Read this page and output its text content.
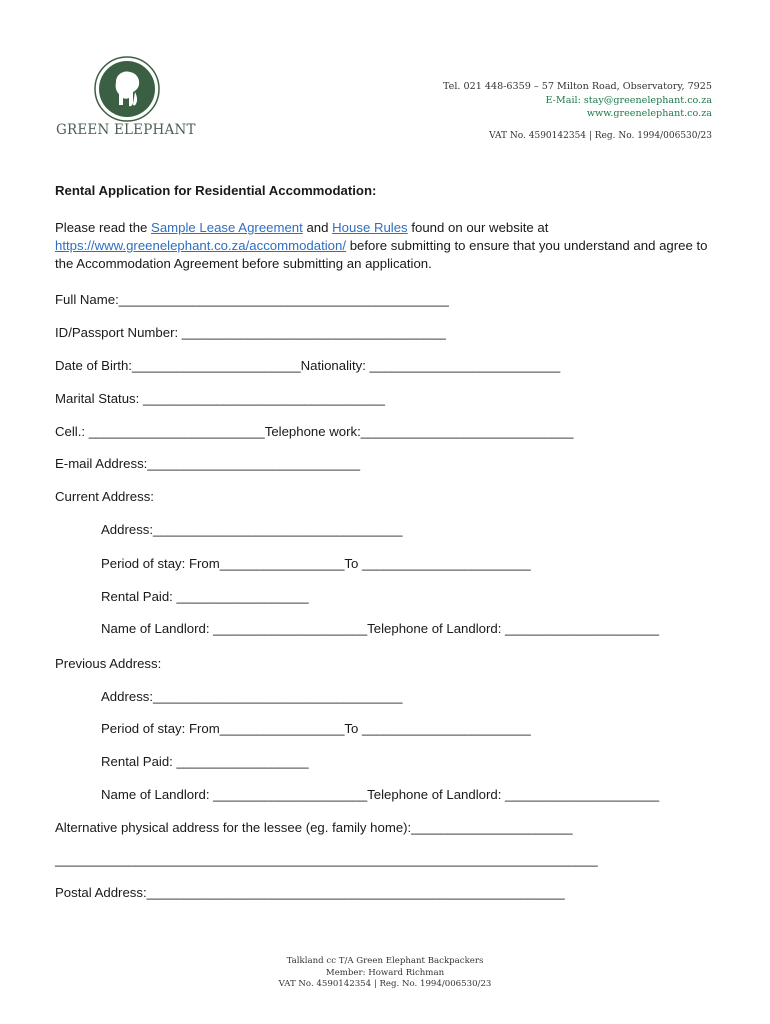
GREEN ELEPHANT
Tel. 021 448-6359 – 57 Milton Road, Observatory, 7925
E-Mail: stay@greenelephant.co.za
www.greenelephant.co.za
VAT No. 4590142354 | Reg. No. 1994/006530/23
Rental Application for Residential Accommodation:
Please read the Sample Lease Agreement and House Rules found on our website at https://www.greenelephant.co.za/accommodation/ before submitting to ensure that you understand and agree to the Accommodation Agreement before submitting an application.
Full Name:_____________________________________________
ID/Passport Number: ____________________________________
Date of Birth:_______________________Nationality: __________________________
Marital Status: _________________________________
Cell.: ________________________Telephone work:_____________________________
E-mail Address:_____________________________
Current Address:
Address:__________________________________
Period of stay: From_________________To _______________________
Rental Paid: __________________
Name of Landlord: _____________________Telephone of Landlord: _____________________
Previous Address:
Address:__________________________________
Period of stay: From_________________To _______________________
Rental Paid: __________________
Name of Landlord: _____________________Telephone of Landlord: _____________________
Alternative physical address for the lessee (eg. family home):______________________
__________________________________________________________________________
Postal Address:_________________________________________________________
Talkland cc T/A Green Elephant Backpackers
Member: Howard Richman
VAT No. 4590142354 | Reg. No. 1994/006530/23
